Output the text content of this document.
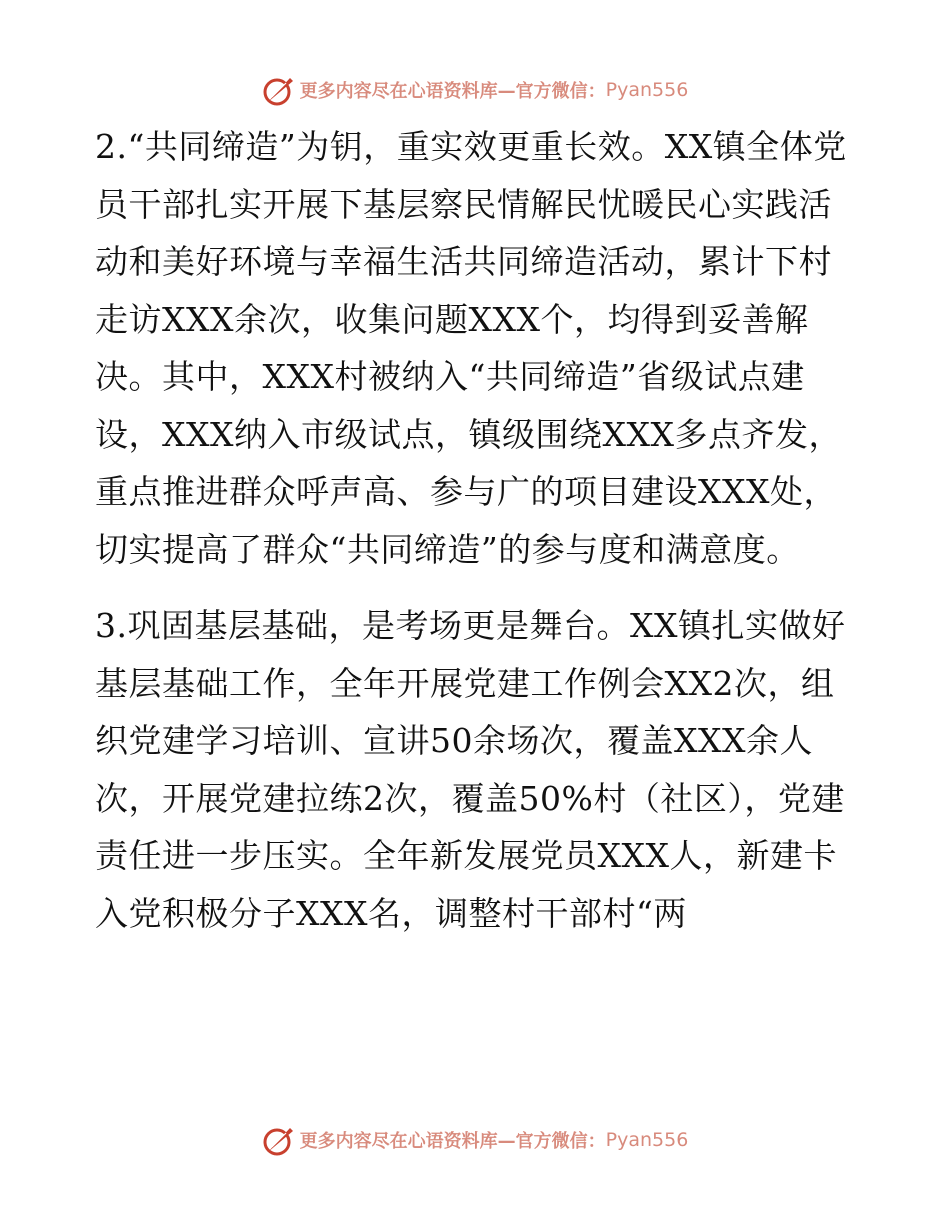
更多内容尽在心语资料库—官方微信： Pyan556

2.“共同缔造”为钥，重实效更重长效。XX镇全体党员干部扎实开展下基层察民情解民忧暖民心实践活动和美好环境与幸福生活共同缔造活动，累计下村走访XXX余次，收集问题XXX个，均得到妥善解决。其中，XXX村被纳入“共同缔造”省级试点建设，XXX纳入市级试点，镇级围绕XXX多点齐发，重点推进群众呼声高、参与广的项目建设XXX处，切实提高了群众“共同缔造”的参与度和满意度。

3.巩固基层基础，是考场更是舞台。XX镇扎实做好基层基础工作，全年开展党建工作例会XX2次，组织党建学习培训、宣讲50余场次，覆盖XXX余人次，开展党建拉练2次，覆盖50%村（社区），党建责任进一步压实。全年新发展党员XXX人，新建卡入党积极分子XXX名，调整村干部村“两

更多内容尽在心语资料库—官方微信： Pyan556
